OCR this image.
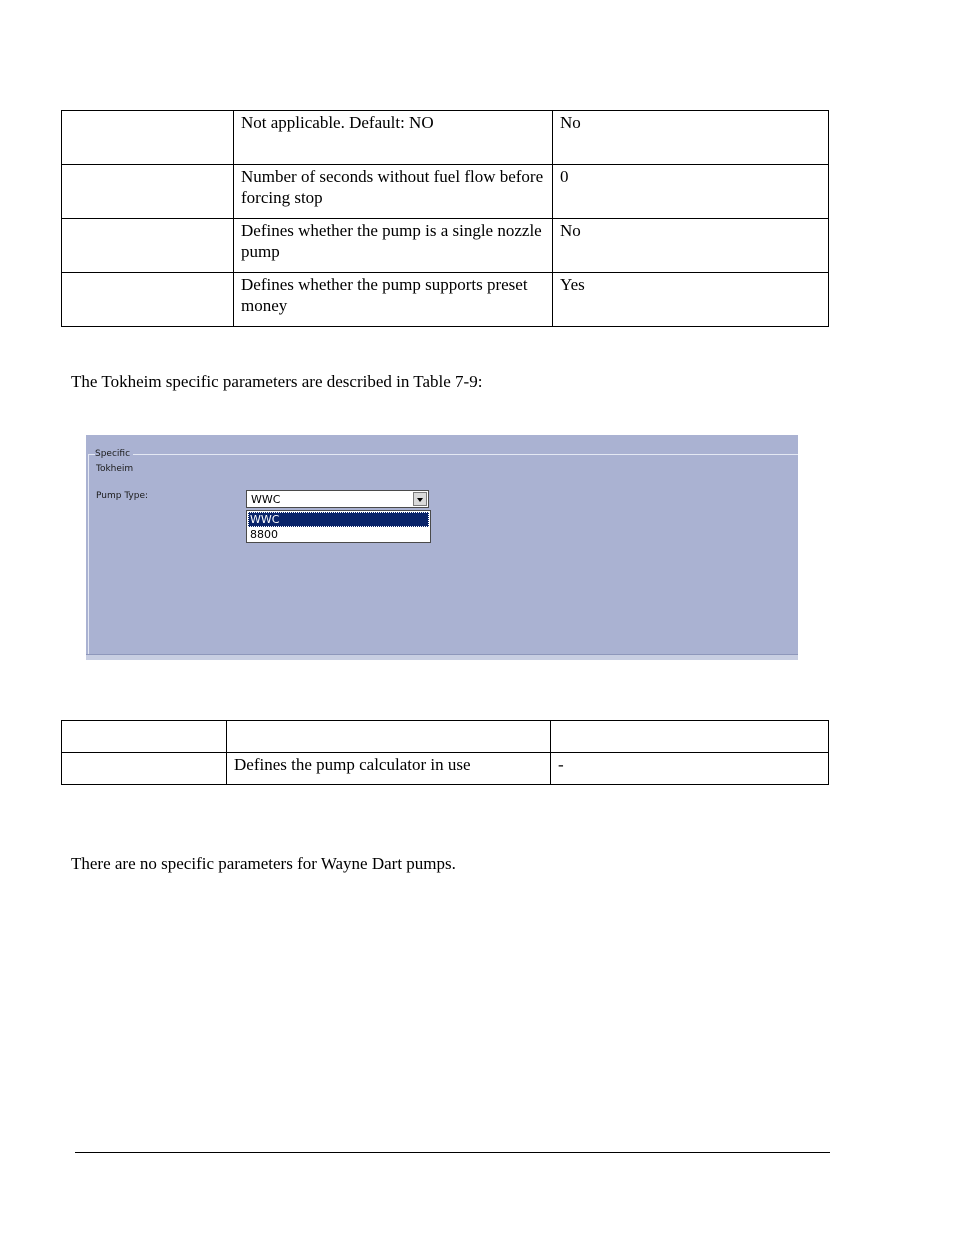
	Not applicable. Default: NO	No
	Number of seconds without fuel flow before forcing stop	0
	Defines whether the pump is a single nozzle pump	No
	Defines whether the pump supports preset money	Yes

The Tokheim specific parameters are described in Table 7-9:

Specific
Tokheim
Pump Type:	WWC
WWC
8800

	Defines the pump calculator in use	-

There are no specific parameters for Wayne Dart pumps.
